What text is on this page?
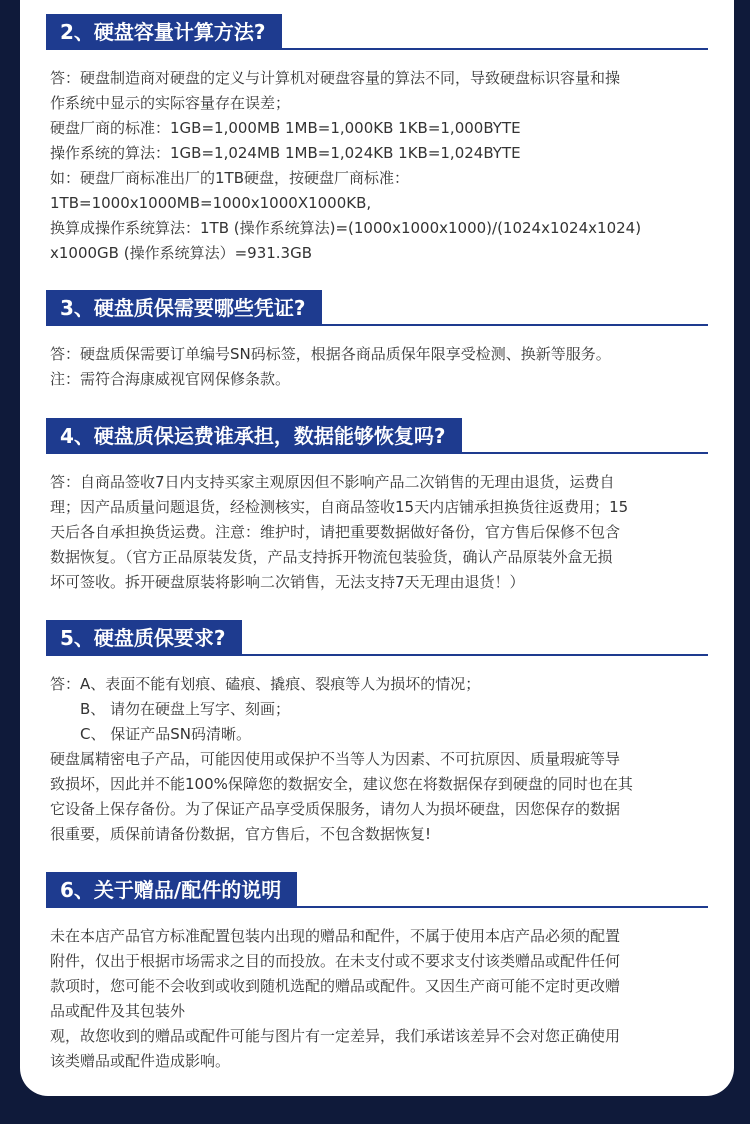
2、硬盘容量计算方法?

答：硬盘制造商对硬盘的定义与计算机对硬盘容量的算法不同，导致硬盘标识容量和操

作系统中显示的实际容量存在误差；

硬盘厂商的标准：1GB=1,000MB 1MB=1,000KB 1KB=1,000BYTE

操作系统的算法：1GB=1,024MB 1MB=1,024KB 1KB=1,024BYTE

如：硬盘厂商标准出厂的1TB硬盘，按硬盘厂商标准：

1TB=1000x1000MB=1000x1000X1000KB,

换算成操作系统算法：1TB (操作系统算法)=(1000x1000x1000)/(1024x1024x1024)

x1000GB (操作系统算法）=931.3GB

3、硬盘质保需要哪些凭证?

答：硬盘质保需要订单编号SN码标签，根据各商品质保年限享受检测、换新等服务。

注：需符合海康威视官网保修条款。

4、硬盘质保运费谁承担，数据能够恢复吗?

答：自商品签收7日内支持买家主观原因但不影响产品二次销售的无理由退货，运费自

理；因产品质量问题退货，经检测核实，自商品签收15天内店铺承担换货往返费用；15

天后各自承担换货运费。注意：维护时，请把重要数据做好备份，官方售后保修不包含

数据恢复。（官方正品原装发货，产品支持拆开物流包装验货，确认产品原装外盒无损

坏可签收。拆开硬盘原装将影响二次销售，无法支持7天无理由退货！）

5、硬盘质保要求?

答：A、表面不能有划痕、磕痕、撬痕、裂痕等人为损坏的情况；

B、 请勿在硬盘上写字、刻画；

C、 保证产品SN码清晰。

硬盘属精密电子产品，可能因使用或保护不当等人为因素、不可抗原因、质量瑕疵等导

致损坏，因此并不能100%保障您的数据安全，建议您在将数据保存到硬盘的同时也在其

它设备上保存备份。为了保证产品享受质保服务，请勿人为损坏硬盘，因您保存的数据

很重要，质保前请备份数据，官方售后，不包含数据恢复!

6、关于赠品/配件的说明

未在本店产品官方标准配置包装内出现的赠品和配件，不属于使用本店产品必须的配置

附件，仅出于根据市场需求之目的而投放。在未支付或不要求支付该类赠品或配件任何

款项时，您可能不会收到或收到随机选配的赠品或配件。又因生产商可能不定时更改赠

品或配件及其包装外

观，故您收到的赠品或配件可能与图片有一定差异，我们承诺该差异不会对您正确使用

该类赠品或配件造成影响。
